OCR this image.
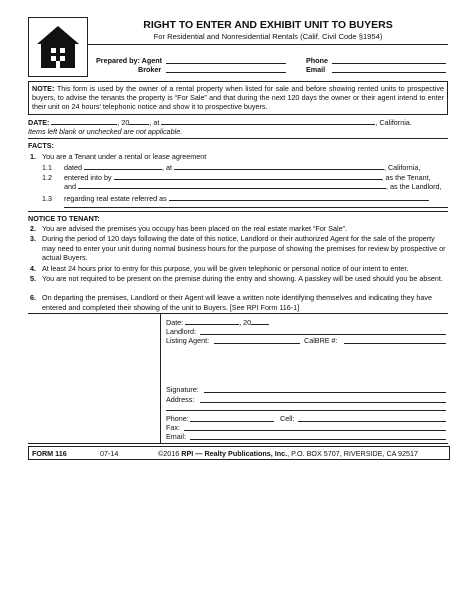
RIGHT TO ENTER AND EXHIBIT UNIT TO BUYERS
For Residential and Nonresidential Rentals (Calif. Civil Code §1954)
Prepared by: Agent
Broker
Phone
Email
NOTE: This form is used by the owner of a rental property when listed for sale and before showing rented units to prospective buyers, to advise the tenants the property is “For Sale” and that during the next 120 days the owner or their agent intend to enter their unit on 24 hours' telephonic notice and show it to prospective buyers.
DATE:	, 20	, at	, California.
Items left blank or unchecked are not applicable.
FACTS:
1. You are a Tenant under a rental or lease agreement
1.1 dated	, at	, California,
1.2 entered into by	, as the Tenant,
and	, as the Landlord,
1.3 regarding real estate referred as
NOTICE TO TENANT:
2. You are advised the premises you occupy has been placed on the real estate market “For Sale”.
3. During the period of 120 days following the date of this notice, Landlord or their authorized Agent for the sale of the property may need to enter your unit during normal business hours for the purpose of showing the premises for review by prospective or actual Buyers.
4. At least 24 hours prior to entry for this purpose, you will be given telephonic or personal notice of our intent to enter.
5. You are not required to be present on the premise during the entry and showing. A passkey will be used should you be absent.
6. On departing the premises, Landlord or their Agent will leave a written note identifying themselves and indicating they have entered and completed their showing of the unit to Buyers. [See RPI Form 116-1]
Date:	, 20
Landlord:
Listing Agent:	CalBRE #:
Signature:
Address:
Phone:	Cell:
Fax:
Email:
FORM 116	07-14	©2016 RPI — Realty Publications, Inc., P.O. BOX 5707, RIVERSIDE, CA 92517
